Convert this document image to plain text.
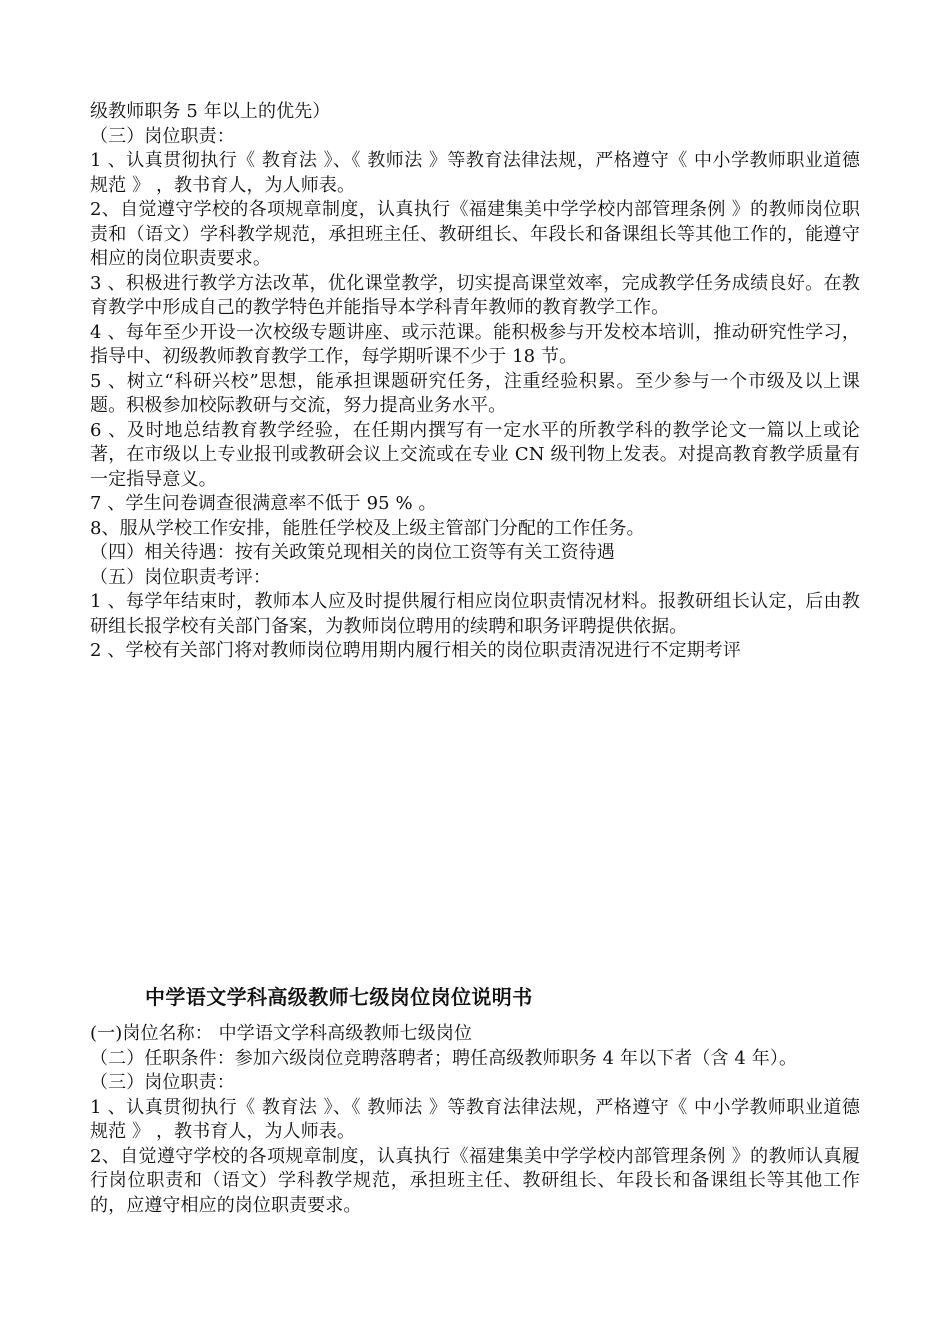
级教师职务 5 年以上的优先）

（三）岗位职责：

1 、认真贯彻执行《 教育法 》、《 教师法 》等教育法律法规，严格遵守《 中小学教师职业道德规范 》 ，教书育人，为人师表。

2、自觉遵守学校的各项规章制度，认真执行《福建集美中学学校内部管理条例 》的教师岗位职责和（语文）学科教学规范，承担班主任、教研组长、年段长和备课组长等其他工作的，能遵守相应的岗位职责要求。

3 、积极进行教学方法改革，优化课堂教学，切实提高课堂效率，完成教学任务成绩良好。在教育教学中形成自己的教学特色并能指导本学科青年教师的教育教学工作。

4 、每年至少开设一次校级专题讲座、或示范课。能积极参与开发校本培训，推动研究性学习，指导中、初级教师教育教学工作，每学期听课不少于 18 节。

5 、树立“科研兴校”思想，能承担课题研究任务，注重经验积累。至少参与一个市级及以上课题。积极参加校际教研与交流，努力提高业务水平。

6 、及时地总结教育教学经验，在任期内撰写有一定水平的所教学科的教学论文一篇以上或论著，在市级以上专业报刊或教研会议上交流或在专业 CN 级刊物上发表。对提高教育教学质量有一定指导意义。

7 、学生问卷调查很满意率不低于 95 % 。

8、服从学校工作安排，能胜任学校及上级主管部门分配的工作任务。

（四）相关待遇：按有关政策兑现相关的岗位工资等有关工资待遇

（五）岗位职责考评：

1 、每学年结束时，教师本人应及时提供履行相应岗位职责情况材料。报教研组长认定，后由教研组长报学校有关部门备案，为教师岗位聘用的续聘和职务评聘提供依据。

2 、学校有关部门将对教师岗位聘用期内履行相关的岗位职责清况进行不定期考评

中学语文学科高级教师七级岗位岗位说明书

(一)岗位名称： 中学语文学科高级教师七级岗位

（二）任职条件：参加六级岗位竞聘落聘者；聘任高级教师职务 4 年以下者（含 4 年）。

（三）岗位职责：

1 、认真贯彻执行《 教育法 》、《 教师法 》等教育法律法规，严格遵守《 中小学教师职业道德规范 》 ，教书育人，为人师表。

2、自觉遵守学校的各项规章制度，认真执行《福建集美中学学校内部管理条例 》的教师认真履行岗位职责和（语文）学科教学规范，承担班主任、教研组长、年段长和备课组长等其他工作的，应遵守相应的岗位职责要求。
